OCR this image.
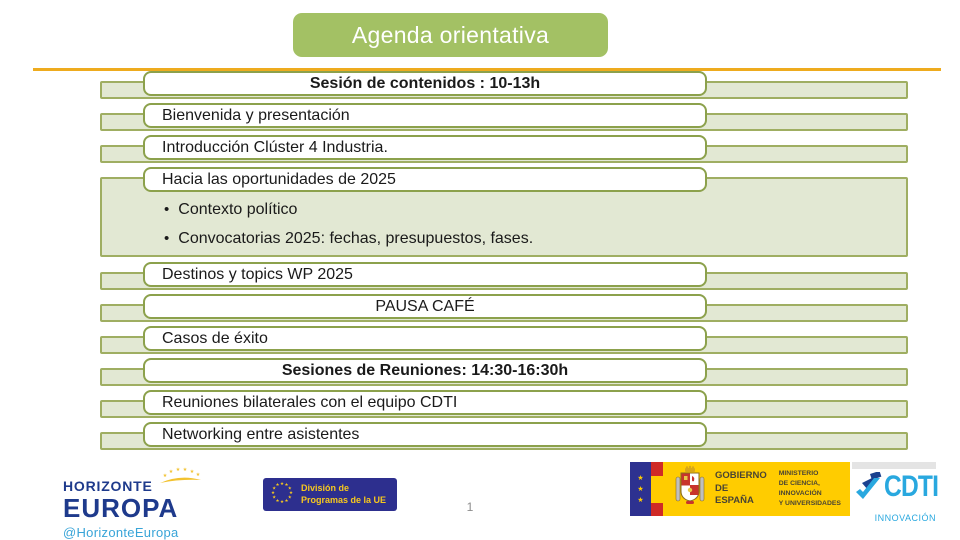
Agenda orientativa
Sesión de contenidos : 10-13h
Bienvenida y presentación
Introducción Clúster 4 Industria.
Hacia las oportunidades de 2025
• Contexto político
• Convocatorias 2025: fechas, presupuestos, fases.
Destinos y topics WP 2025
PAUSA CAFÉ
Casos de éxito
Sesiones de Reuniones: 14:30-16:30h
Reuniones bilaterales con el equipo CDTI
Networking entre asistentes
HORIZONTE
★
★ ★ ★ ★ ★
EUROPA
@HorizonteEuropa
★ ★
★
★
★
★
★
★
★
★
★
★ División de
Programas de la UE
1
★
★
★
GOBIERNO
DE ESPAÑA
MINISTERIO
DE CIENCIA, INNOVACIÓN
Y UNIVERSIDADES
CDTI
INNOVACIÓN
